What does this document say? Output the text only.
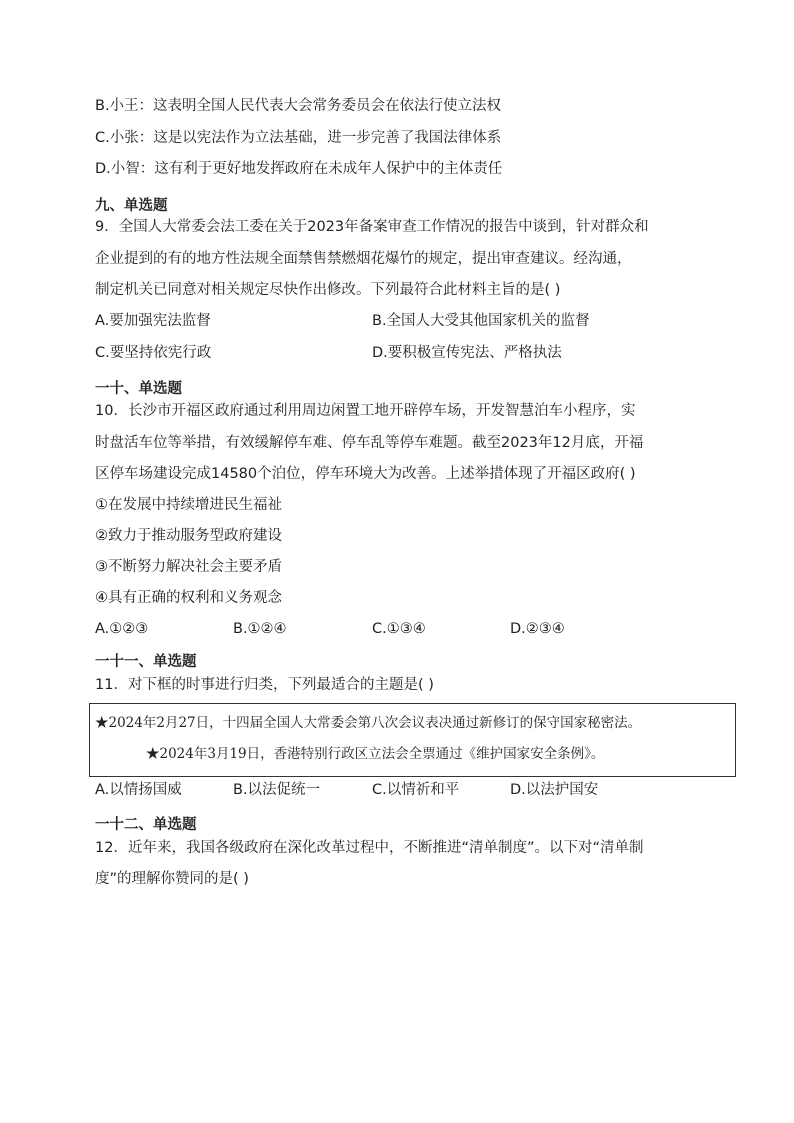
B.小王：这表明全国人民代表大会常务委员会在依法行使立法权
C.小张：这是以宪法作为立法基础，进一步完善了我国法律体系
D.小智：这有利于更好地发挥政府在未成年人保护中的主体责任
九、单选题
9．全国人大常委会法工委在关于2023年备案审查工作情况的报告中谈到，针对群众和
企业提到的有的地方性法规全面禁售禁燃烟花爆竹的规定，提出审查建议。经沟通，
制定机关已同意对相关规定尽快作出修改。下列最符合此材料主旨的是( )
A.要加强宪法监督	B.全国人大受其他国家机关的监督
C.要坚持依宪行政	D.要积极宣传宪法、严格执法
一十、单选题
10．长沙市开福区政府通过利用周边闲置工地开辟停车场，开发智慧泊车小程序，实
时盘活车位等举措，有效缓解停车难、停车乱等停车难题。截至2023年12月底，开福
区停车场建设完成14580个泊位，停车环境大为改善。上述举措体现了开福区政府( )
①在发展中持续增进民生福祉
②致力于推动服务型政府建设
③不断努力解决社会主要矛盾
④具有正确的权利和义务观念
A.①②③	B.①②④	C.①③④	D.②③④
一十一、单选题
11．对下框的时事进行归类，下列最适合的主题是( )
★2024年2月27日，十四届全国人大常委会第八次会议表决通过新修订的保守国家秘密法。
★2024年3月19日，香港特别行政区立法会全票通过《维护国家安全条例》。
A.以情扬国威	B.以法促统一	C.以情祈和平	D.以法护国安
一十二、单选题
12．近年来，我国各级政府在深化改革过程中，不断推进“清单制度”。以下对“清单制
度”的理解你赞同的是( )
